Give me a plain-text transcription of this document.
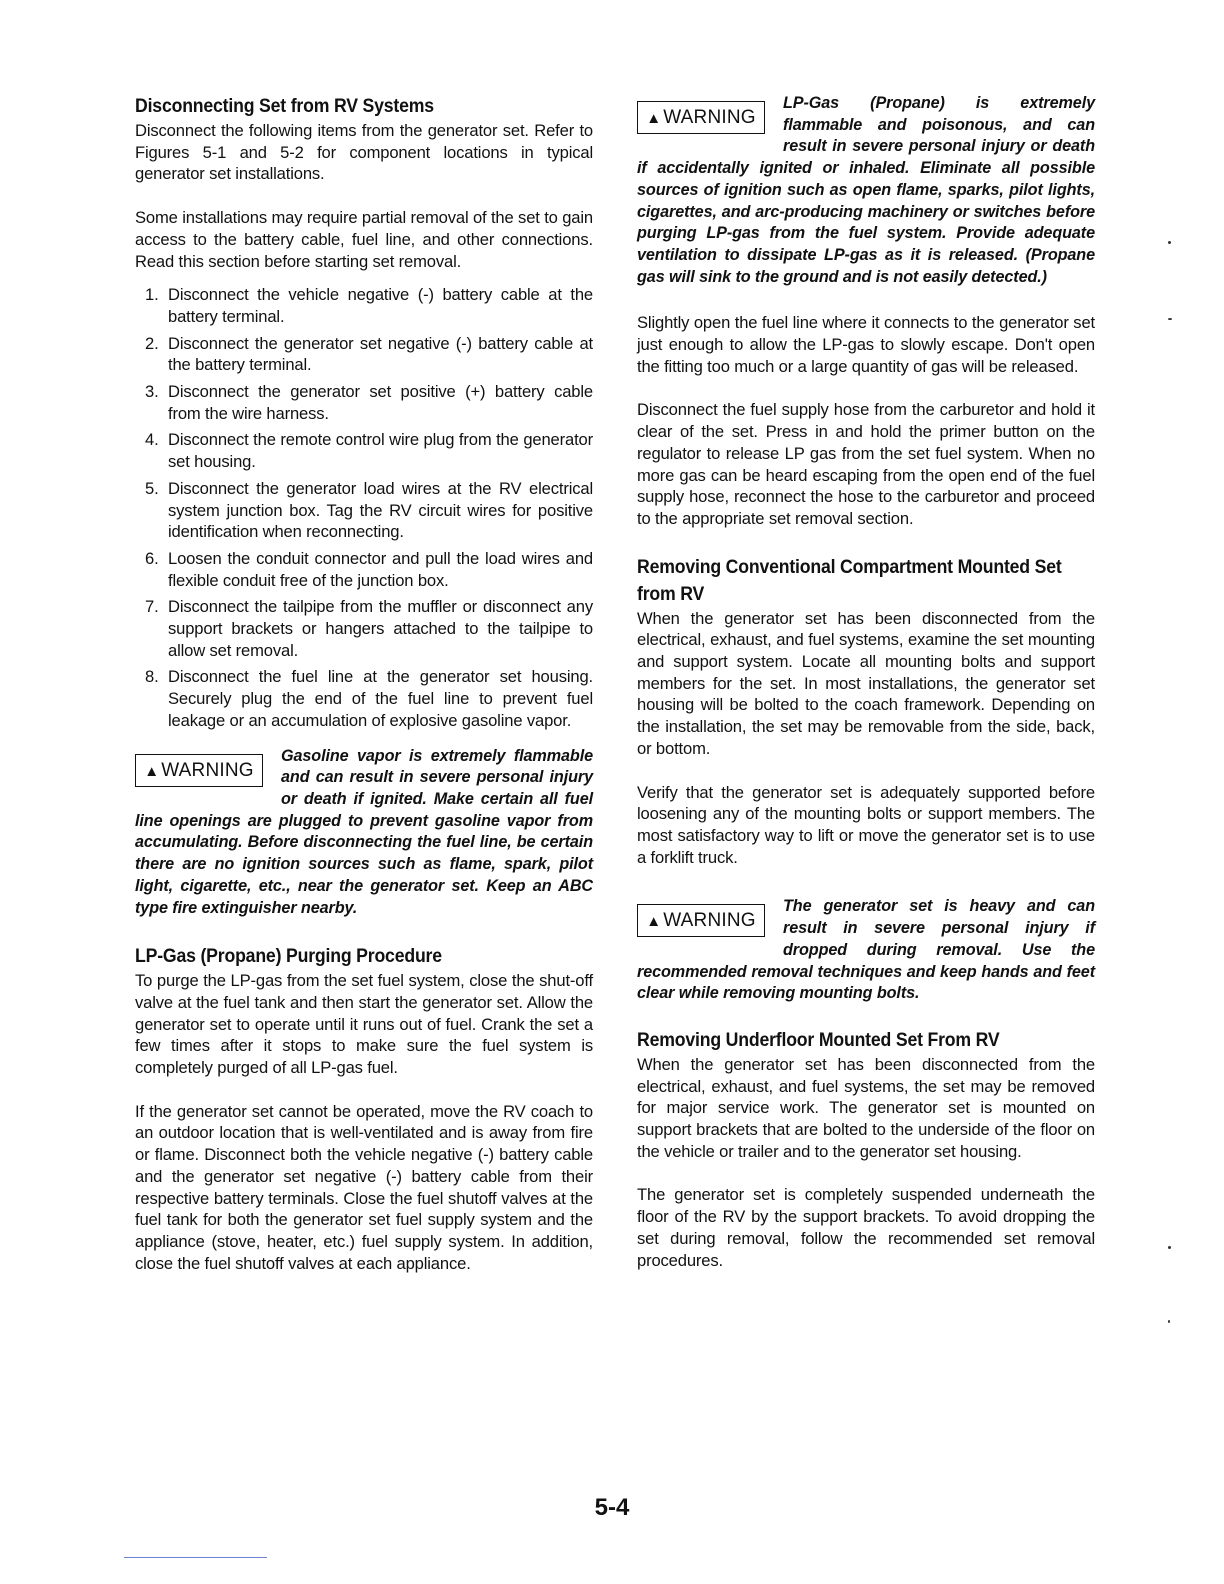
Disconnecting Set from RV Systems

Disconnect the following items from the generator set. Refer to Figures 5-1 and 5-2 for component locations in typical generator set installations.

Some installations may require partial removal of the set to gain access to the battery cable, fuel line, and other connections. Read this section before starting set removal.

1. Disconnect the vehicle negative (-) battery cable at the battery terminal.
2. Disconnect the generator set negative (-) battery cable at the battery terminal.
3. Disconnect the generator set positive (+) battery cable from the wire harness.
4. Disconnect the remote control wire plug from the generator set housing.
5. Disconnect the generator load wires at the RV electrical system junction box. Tag the RV circuit wires for positive identification when reconnecting.
6. Loosen the conduit connector and pull the load wires and flexible conduit free of the junction box.
7. Disconnect the tailpipe from the muffler or disconnect any support brackets or hangers attached to the tailpipe to allow set removal.
8. Disconnect the fuel line at the generator set housing. Securely plug the end of the fuel line to prevent fuel leakage or an accumulation of explosive gasoline vapor.
▲ WARNING
Gasoline vapor is extremely flammable and can result in severe personal injury or death if ignited. Make certain all fuel line openings are plugged to prevent gasoline vapor from accumulating. Before disconnecting the fuel line, be certain there are no ignition sources such as flame, spark, pilot light, cigarette, etc., near the generator set. Keep an ABC type fire extinguisher nearby.
LP-Gas (Propane) Purging Procedure

To purge the LP-gas from the set fuel system, close the shut-off valve at the fuel tank and then start the generator set. Allow the generator set to operate until it runs out of fuel. Crank the set a few times after it stops to make sure the fuel system is completely purged of all LP-gas fuel.

If the generator set cannot be operated, move the RV coach to an outdoor location that is well-ventilated and is away from fire or flame. Disconnect both the vehicle negative (-) battery cable and the generator set negative (-) battery cable from their respective battery terminals. Close the fuel shutoff valves at the fuel tank for both the generator set fuel supply system and the appliance (stove, heater, etc.) fuel supply system. In addition, close the fuel shutoff valves at each appliance.

▲ WARNING
LP-Gas (Propane) is extremely flammable and poisonous, and can result in severe personal injury or death if accidentally ignited or inhaled. Eliminate all possible sources of ignition such as open flame, sparks, pilot lights, cigarettes, and arc-producing machinery or switches before purging LP-gas from the fuel system. Provide adequate ventilation to dissipate LP-gas as it is released. (Propane gas will sink to the ground and is not easily detected.)

Slightly open the fuel line where it connects to the generator set just enough to allow the LP-gas to slowly escape. Don't open the fitting too much or a large quantity of gas will be released.

Disconnect the fuel supply hose from the carburetor and hold it clear of the set. Press in and hold the primer button on the regulator to release LP gas from the set fuel system. When no more gas can be heard escaping from the open end of the fuel supply hose, reconnect the hose to the carburetor and proceed to the appropriate set removal section.

Removing Conventional Compartment Mounted Set from RV

When the generator set has been disconnected from the electrical, exhaust, and fuel systems, examine the set mounting and support system. Locate all mounting bolts and support members for the set. In most installations, the generator set housing will be bolted to the coach framework. Depending on the installation, the set may be removable from the side, back, or bottom.

Verify that the generator set is adequately supported before loosening any of the mounting bolts or support members. The most satisfactory way to lift or move the generator set is to use a forklift truck.

▲ WARNING
The generator set is heavy and can result in severe personal injury if dropped during removal. Use the recommended removal techniques and keep hands and feet clear while removing mounting bolts.
Removing Underfloor Mounted Set From RV

When the generator set has been disconnected from the electrical, exhaust, and fuel systems, the set may be removed for major service work. The generator set is mounted on support brackets that are bolted to the underside of the floor on the vehicle or trailer and to the generator set housing.

The generator set is completely suspended underneath the floor of the RV by the support brackets. To avoid dropping the set during removal, follow the recommended set removal procedures.

5-4
